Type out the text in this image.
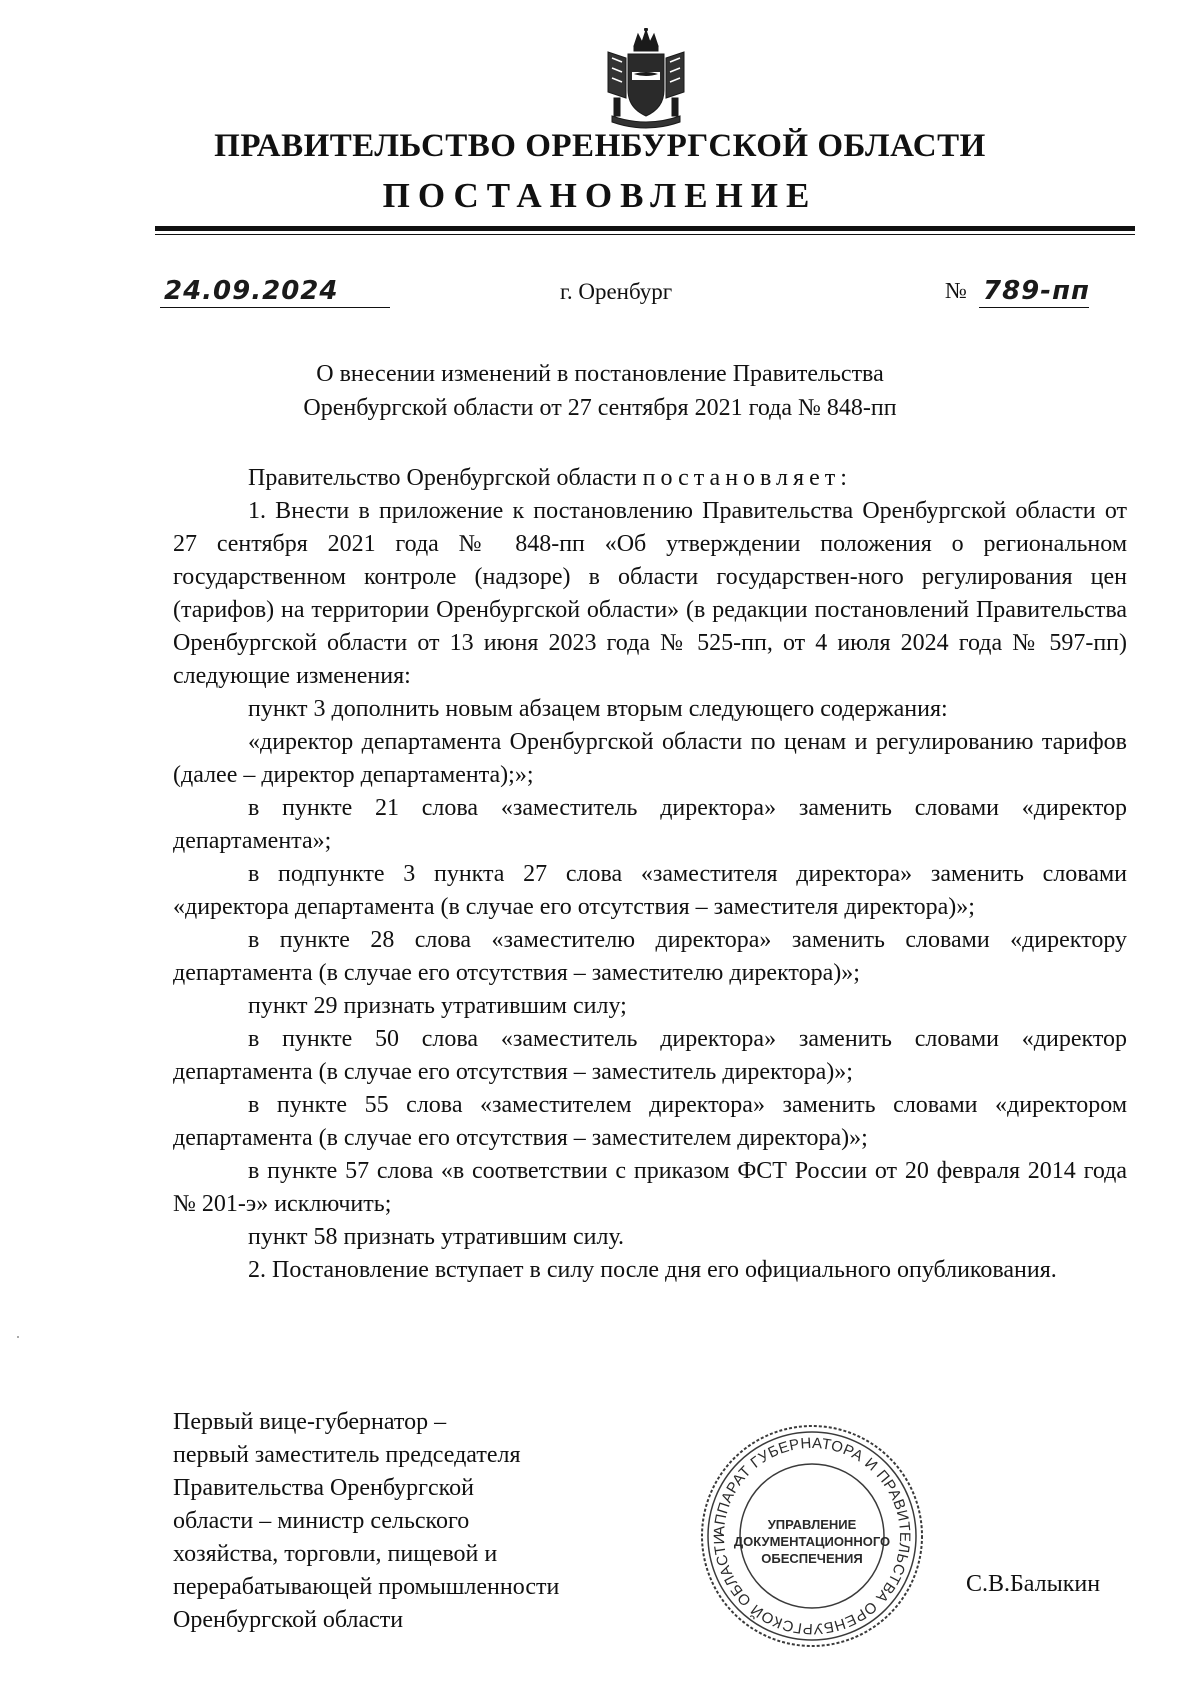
ПРАВИТЕЛЬСТВО ОРЕНБУРГСКОЙ ОБЛАСТИ
ПОСТАНОВЛЕНИЕ
24.09.2024	г. Оренбург	№ 789-пп
О внесении изменений в постановление Правительства
Оренбургской области от 27 сентября 2021 года № 848-пп

Правительство Оренбургской области постановляет:

1. Внести в приложение к постановлению Правительства Оренбургской области от 27 сентября 2021 года № 848-пп «Об утверждении положения о региональном государственном контроле (надзоре) в области государствен-ного регулирования цен (тарифов) на территории Оренбургской области» (в редакции постановлений Правительства Оренбургской области от 13 июня 2023 года № 525-пп, от 4 июля 2024 года № 597-пп) следующие изменения:

пункт 3 дополнить новым абзацем вторым следующего содержания:

«директор департамента Оренбургской области по ценам и регулированию тарифов (далее – директор департамента);»;

в пункте 21 слова «заместитель директора» заменить словами «директор департамента»;

в подпункте 3 пункта 27 слова «заместителя директора» заменить словами «директора департамента (в случае его отсутствия – заместителя директора)»;

в пункте 28 слова «заместителю директора» заменить словами «директору департамента (в случае его отсутствия – заместителю директора)»;

пункт 29 признать утратившим силу;

в пункте 50 слова «заместитель директора» заменить словами «директор департамента (в случае его отсутствия – заместитель директора)»;

в пункте 55 слова «заместителем директора» заменить словами «директором департамента (в случае его отсутствия – заместителем директора)»;

в пункте 57 слова «в соответствии с приказом ФСТ России от 20 февраля 2014 года № 201-э» исключить;

пункт 58 признать утратившим силу.

2. Постановление вступает в силу после дня его официального опубликования.

Первый вице-губернатор –
первый заместитель председателя
Правительства Оренбургской
области – министр сельского
хозяйства, торговли, пищевой и
перерабатывающей промышленности
Оренбургской области
АППАРАТ ГУБЕРНАТОРА И ПРАВИТЕЛЬСТВА ОРЕНБУРГСКОЙ ОБЛАСТИ
УПРАВЛЕНИЕ
ДОКУМЕНТАЦИОННОГО
ОБЕСПЕЧЕНИЯ
С.В.Балыкин
